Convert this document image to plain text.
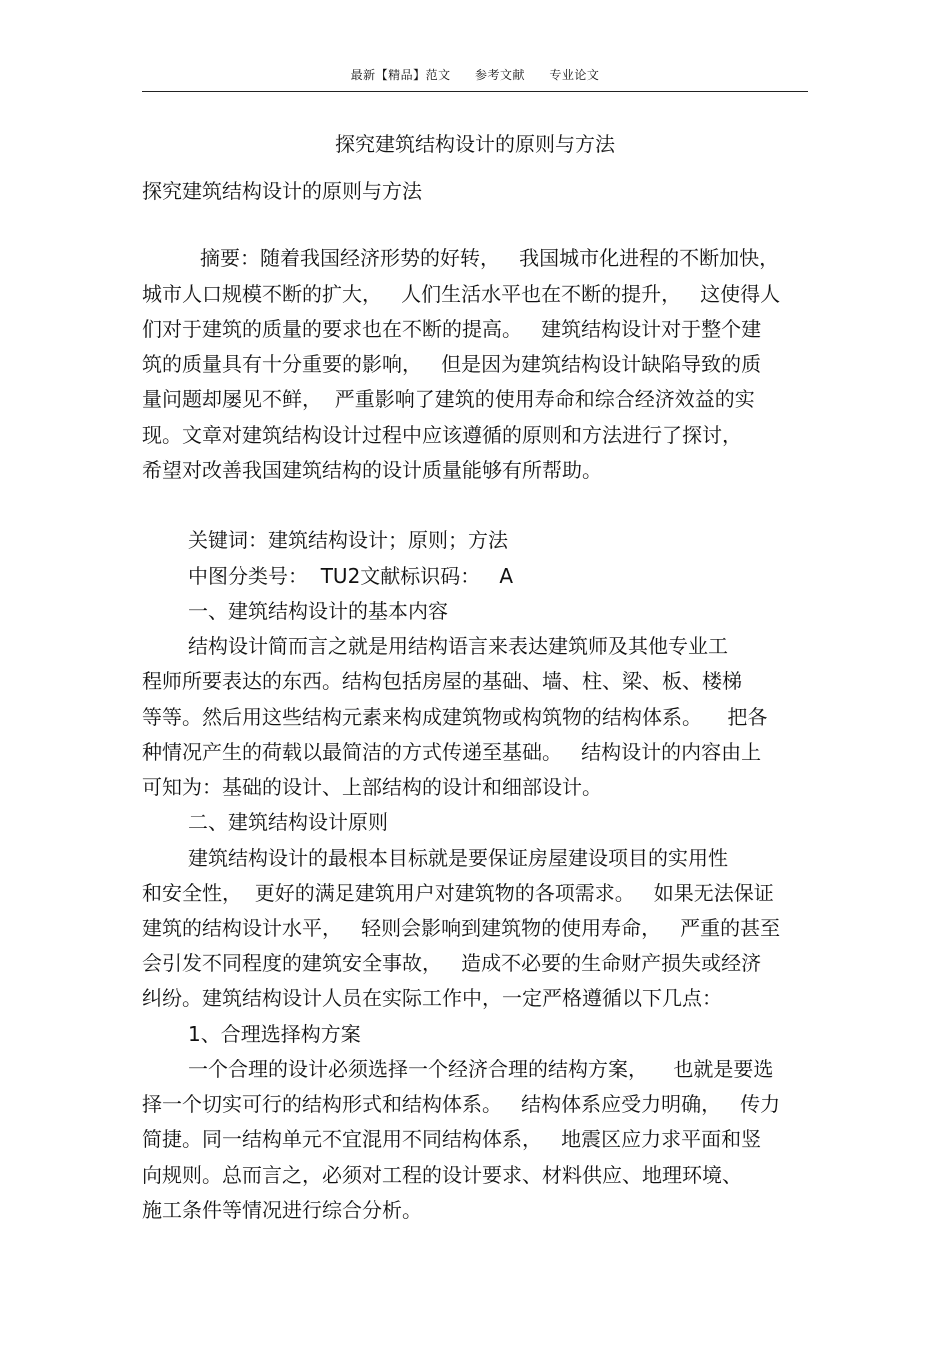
最新【精品】范文 参考文献 专业论文
探究建筑结构设计的原则与方法
探究建筑结构设计的原则与方法
摘要：随着我国经济形势的好转，   我国城市化进程的不断加快，
城市人口规模不断的扩大，   人们生活水平也在不断的提升，   这使得人
们对于建筑的质量的要求也在不断的提高。   建筑结构设计对于整个建
筑的质量具有十分重要的影响，   但是因为建筑结构设计缺陷导致的质
量问题却屡见不鲜，  严重影响了建筑的使用寿命和综合经济效益的实
现。文章对建筑结构设计过程中应该遵循的原则和方法进行了探讨，
希望对改善我国建筑结构的设计质量能够有所帮助。
关键词：建筑结构设计；原则；方法
中图分类号：  TU2文献标识码：   A
一、建筑结构设计的基本内容
结构设计简而言之就是用结构语言来表达建筑师及其他专业工
程师所要表达的东西。结构包括房屋的基础、墙、柱、梁、板、楼梯
等等。然后用这些结构元素来构成建筑物或构筑物的结构体系。    把各
种情况产生的荷载以最简洁的方式传递至基础。   结构设计的内容由上
可知为：基础的设计、上部结构的设计和细部设计。
二、建筑结构设计原则
建筑结构设计的最根本目标就是要保证房屋建设项目的实用性
和安全性，  更好的满足建筑用户对建筑物的各项需求。   如果无法保证
建筑的结构设计水平，   轻则会影响到建筑物的使用寿命，   严重的甚至
会引发不同程度的建筑安全事故，   造成不必要的生命财产损失或经济
纠纷。建筑结构设计人员在实际工作中，一定严格遵循以下几点：
1、合理选择构方案
一个合理的设计必须选择一个经济合理的结构方案，    也就是要选
择一个切实可行的结构形式和结构体系。   结构体系应受力明确，   传力
简捷。同一结构单元不宜混用不同结构体系，   地震区应力求平面和竖
向规则。总而言之，必须对工程的设计要求、材料供应、地理环境、
施工条件等情况进行综合分析。
